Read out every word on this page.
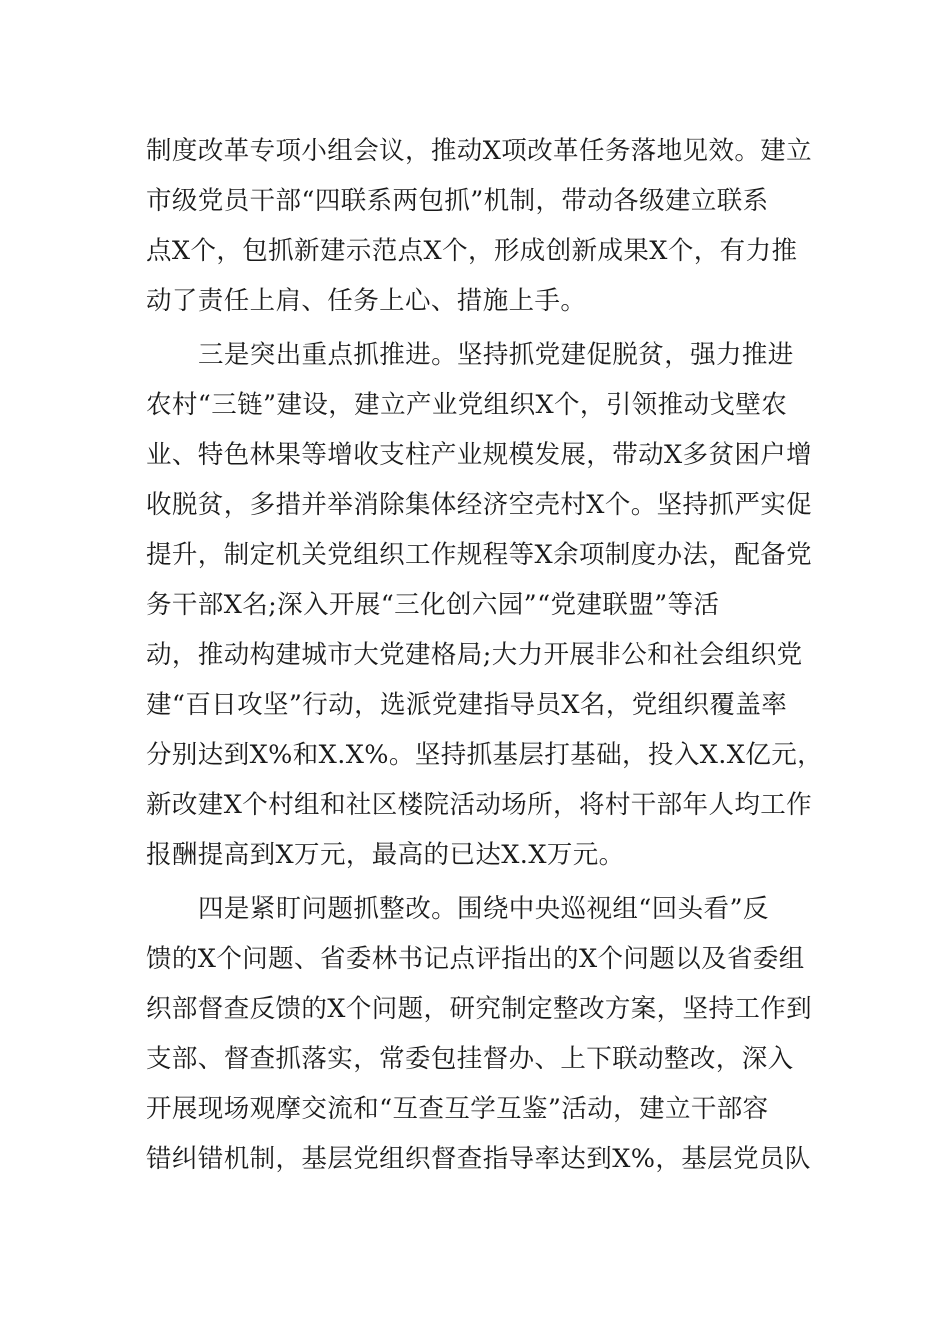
制度改革专项小组会议，推动X项改革任务落地见效。建立
市级党员干部“四联系两包抓”机制，带动各级建立联系
点X个，包抓新建示范点X个，形成创新成果X个，有力推
动了责任上肩、任务上心、措施上手。
三是突出重点抓推进。坚持抓党建促脱贫，强力推进
农村“三链”建设，建立产业党组织X个，引领推动戈壁农
业、特色林果等增收支柱产业规模发展，带动X多贫困户增
收脱贫，多措并举消除集体经济空壳村X个。坚持抓严实促
提升，制定机关党组织工作规程等X余项制度办法，配备党
务干部X名;深入开展“三化创六园”“党建联盟”等活
动，推动构建城市大党建格局;大力开展非公和社会组织党
建“百日攻坚”行动，选派党建指导员X名，党组织覆盖率
分别达到X%和X.X%。坚持抓基层打基础，投入X.X亿元，
新改建X个村组和社区楼院活动场所，将村干部年人均工作
报酬提高到X万元，最高的已达X.X万元。
四是紧盯问题抓整改。围绕中央巡视组“回头看”反
馈的X个问题、省委林书记点评指出的X个问题以及省委组
织部督查反馈的X个问题，研究制定整改方案，坚持工作到
支部、督查抓落实，常委包挂督办、上下联动整改，深入
开展现场观摩交流和“互查互学互鉴”活动，建立干部容
错纠错机制，基层党组织督查指导率达到X%，基层党员队
